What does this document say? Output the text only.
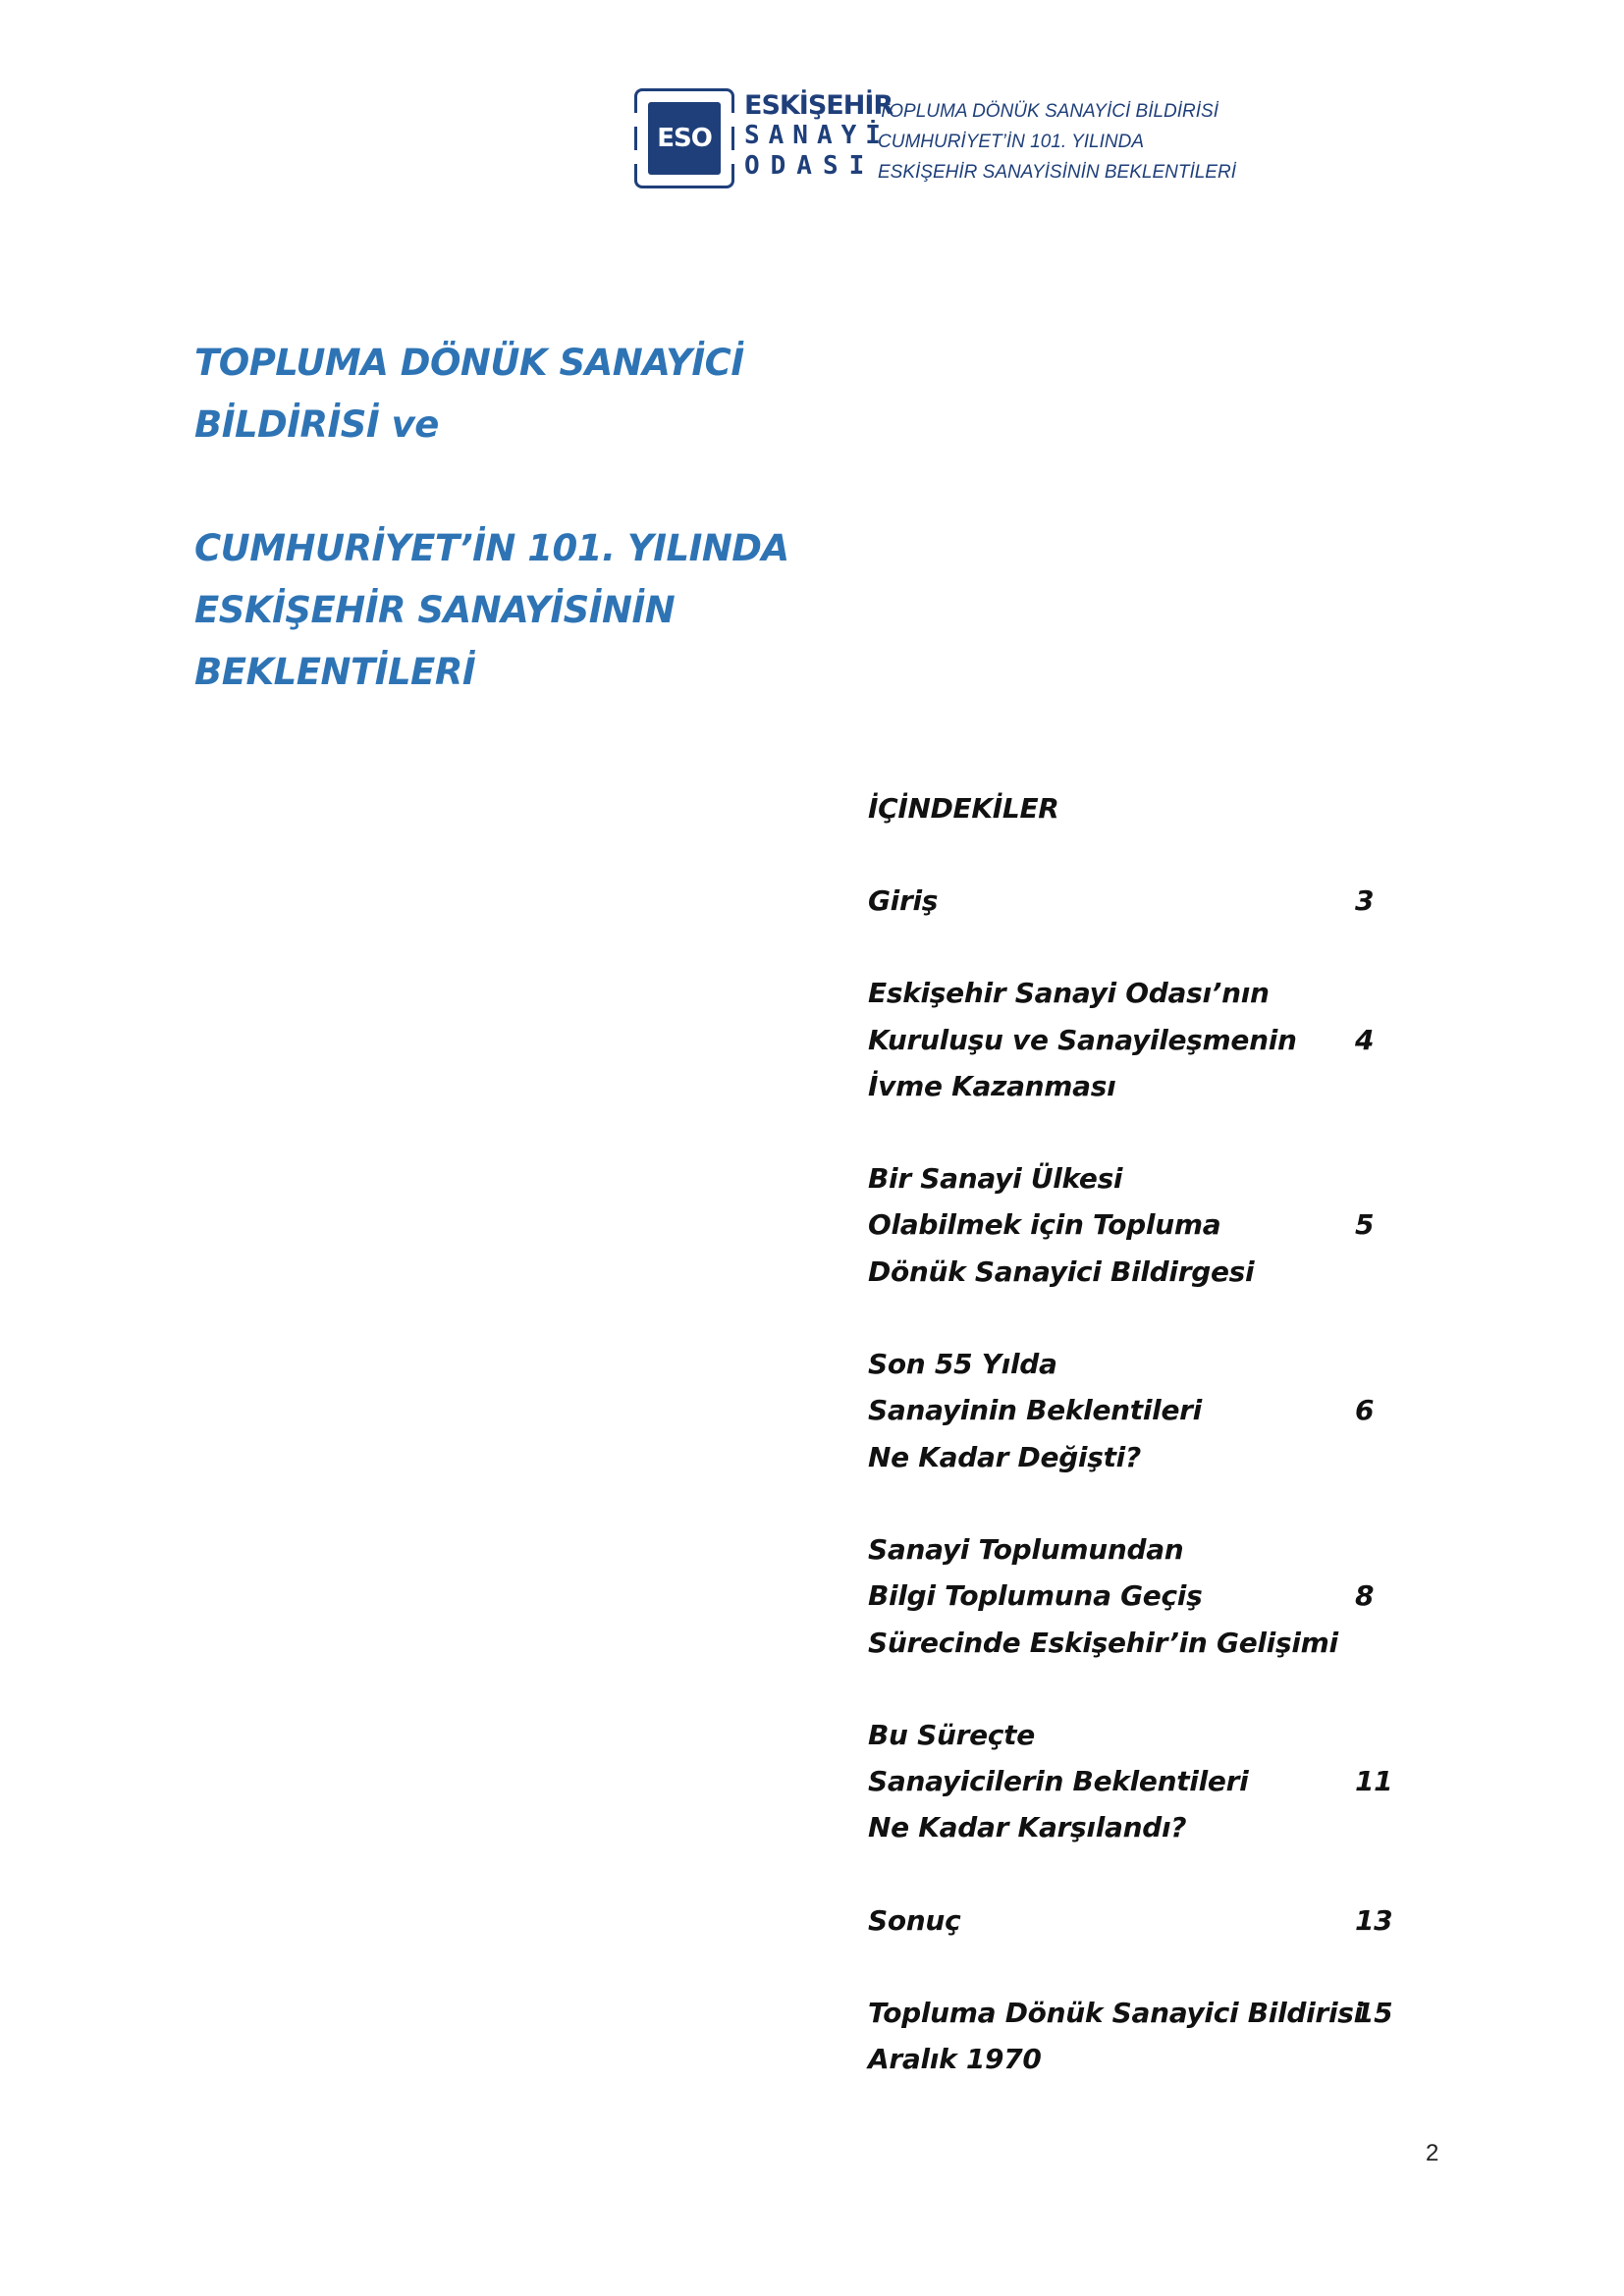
ESO
ESKİŞEHİR
SANAYİ
ODASI
TOPLUMA DÖNÜK SANAYİCİ BİLDİRİSİ
CUMHURİYET’İN 101. YILINDA
ESKİŞEHİR SANAYİSİNİN BEKLENTİLERİ
TOPLUMA DÖNÜK SANAYİCİ
BİLDİRİSİ ve
CUMHURİYET’İN 101. YILINDA
ESKİŞEHİR SANAYİSİNİN
BEKLENTİLERİ
İÇİNDEKİLER
Giriş	3
Eskişehir Sanayi Odası’nın
Kuruluşu ve Sanayileşmenin
İvme Kazanması
4
Bir Sanayi Ülkesi
Olabilmek için Topluma
Dönük Sanayici Bildirgesi
5
Son 55 Yılda
Sanayinin Beklentileri
Ne Kadar Değişti?
6
Sanayi Toplumundan
Bilgi Toplumuna Geçiş
Sürecinde Eskişehir’in Gelişimi
8
Bu Süreçte
Sanayicilerin Beklentileri
Ne Kadar Karşılandı?
11
Sonuç	13
Topluma Dönük Sanayici Bildirisi
Aralık 1970
15
2
